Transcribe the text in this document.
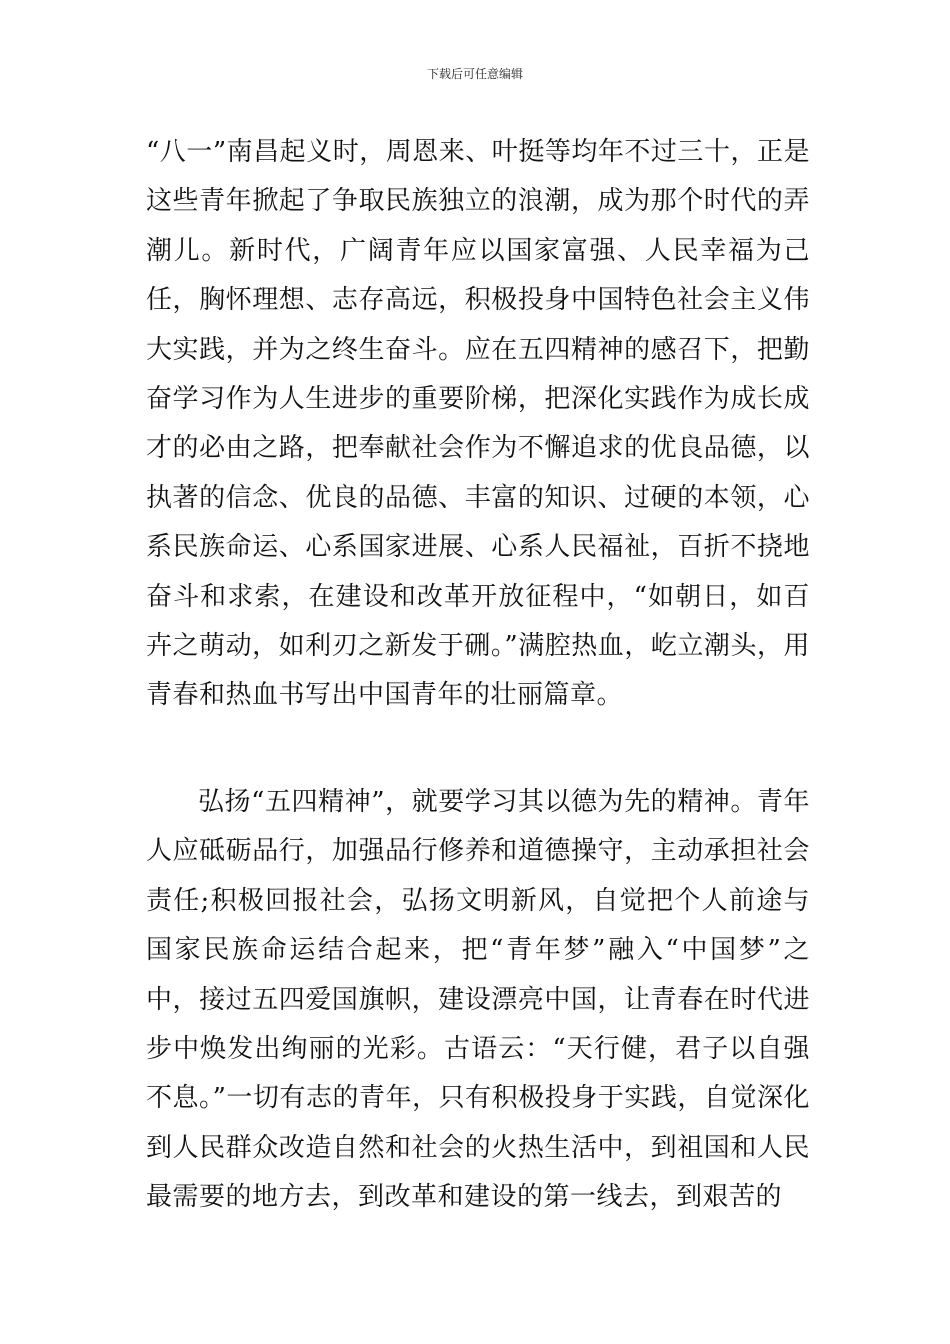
下载后可任意编辑

“八一”南昌起义时，周恩来、叶挺等均年不过三十，正是这些青年掀起了争取民族独立的浪潮，成为那个时代的弄潮儿。新时代，广阔青年应以国家富强、人民幸福为己任，胸怀理想、志存高远，积极投身中国特色社会主义伟大实践，并为之终生奋斗。应在五四精神的感召下，把勤奋学习作为人生进步的重要阶梯，把深化实践作为成长成才的必由之路，把奉献社会作为不懈追求的优良品德，以执著的信念、优良的品德、丰富的知识、过硬的本领，心系民族命运、心系国家进展、心系人民福祉，百折不挠地奋斗和求索，在建设和改革开放征程中，“如朝日，如百卉之萌动，如利刃之新发于硎。”满腔热血，屹立潮头，用青春和热血书写出中国青年的壮丽篇章。

弘扬“五四精神”，就要学习其以德为先的精神。青年人应砥砺品行，加强品行修养和道德操守，主动承担社会责任;积极回报社会，弘扬文明新风，自觉把个人前途与国家民族命运结合起来，把“青年梦”融入“中国梦”之中，接过五四爱国旗帜，建设漂亮中国，让青春在时代进步中焕发出绚丽的光彩。古语云：“天行健，君子以自强不息。”一切有志的青年，只有积极投身于实践，自觉深化到人民群众改造自然和社会的火热生活中，到祖国和人民最需要的地方去，到改革和建设的第一线去，到艰苦的
